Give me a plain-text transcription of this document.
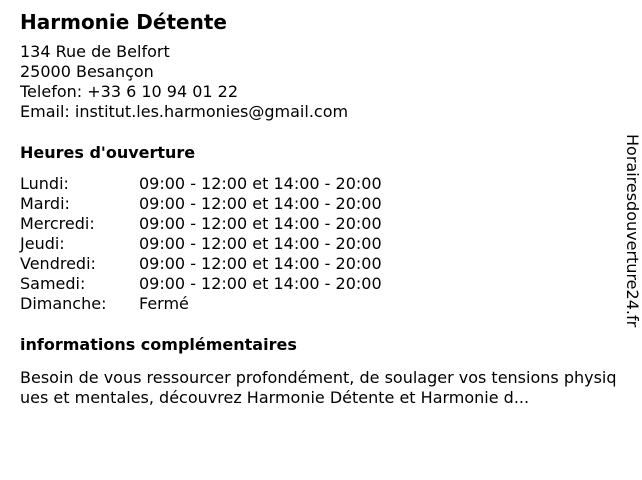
Harmonie Détente
134 Rue de Belfort
25000 Besançon
Telefon: +33 6 10 94 01 22
Email: institut.les.harmonies@gmail.com
Heures d'ouverture
Lundi:	09:00 - 12:00 et 14:00 - 20:00
Mardi:	09:00 - 12:00 et 14:00 - 20:00
Mercredi:	09:00 - 12:00 et 14:00 - 20:00
Jeudi:	09:00 - 12:00 et 14:00 - 20:00
Vendredi:	09:00 - 12:00 et 14:00 - 20:00
Samedi:	09:00 - 12:00 et 14:00 - 20:00
Dimanche:	Fermé
informations complémentaires
Besoin de vous ressourcer profondément, de soulager vos tensions physiques et mentales, découvrez Harmonie Détente et Harmonie d...
Horairesdouverture24.fr
